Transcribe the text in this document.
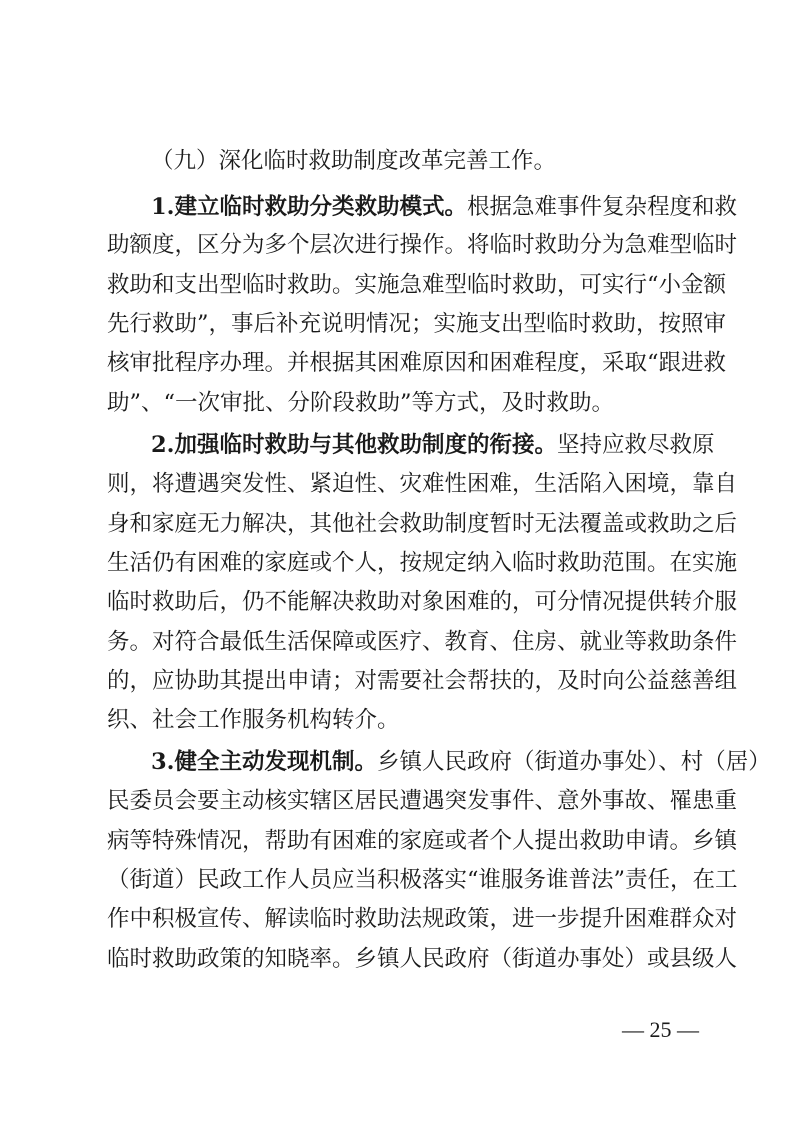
（九）深化临时救助制度改革完善工作。
1.建立临时救助分类救助模式。根据急难事件复杂程度和救
助额度，区分为多个层次进行操作。将临时救助分为急难型临时
救助和支出型临时救助。实施急难型临时救助，可实行“小金额
先行救助”，事后补充说明情况；实施支出型临时救助，按照审
核审批程序办理。并根据其困难原因和困难程度，采取“跟进救
助”、“一次审批、分阶段救助”等方式，及时救助。
2.加强临时救助与其他救助制度的衔接。坚持应救尽救原
则，将遭遇突发性、紧迫性、灾难性困难，生活陷入困境，靠自
身和家庭无力解决，其他社会救助制度暂时无法覆盖或救助之后
生活仍有困难的家庭或个人，按规定纳入临时救助范围。在实施
临时救助后，仍不能解决救助对象困难的，可分情况提供转介服
务。对符合最低生活保障或医疗、教育、住房、就业等救助条件
的，应协助其提出申请；对需要社会帮扶的，及时向公益慈善组
织、社会工作服务机构转介。
3.健全主动发现机制。乡镇人民政府（街道办事处）、村（居）
民委员会要主动核实辖区居民遭遇突发事件、意外事故、罹患重
病等特殊情况，帮助有困难的家庭或者个人提出救助申请。乡镇
（街道）民政工作人员应当积极落实“谁服务谁普法”责任，在工
作中积极宣传、解读临时救助法规政策，进一步提升困难群众对
临时救助政策的知晓率。乡镇人民政府（街道办事处）或县级人
— 25 —
